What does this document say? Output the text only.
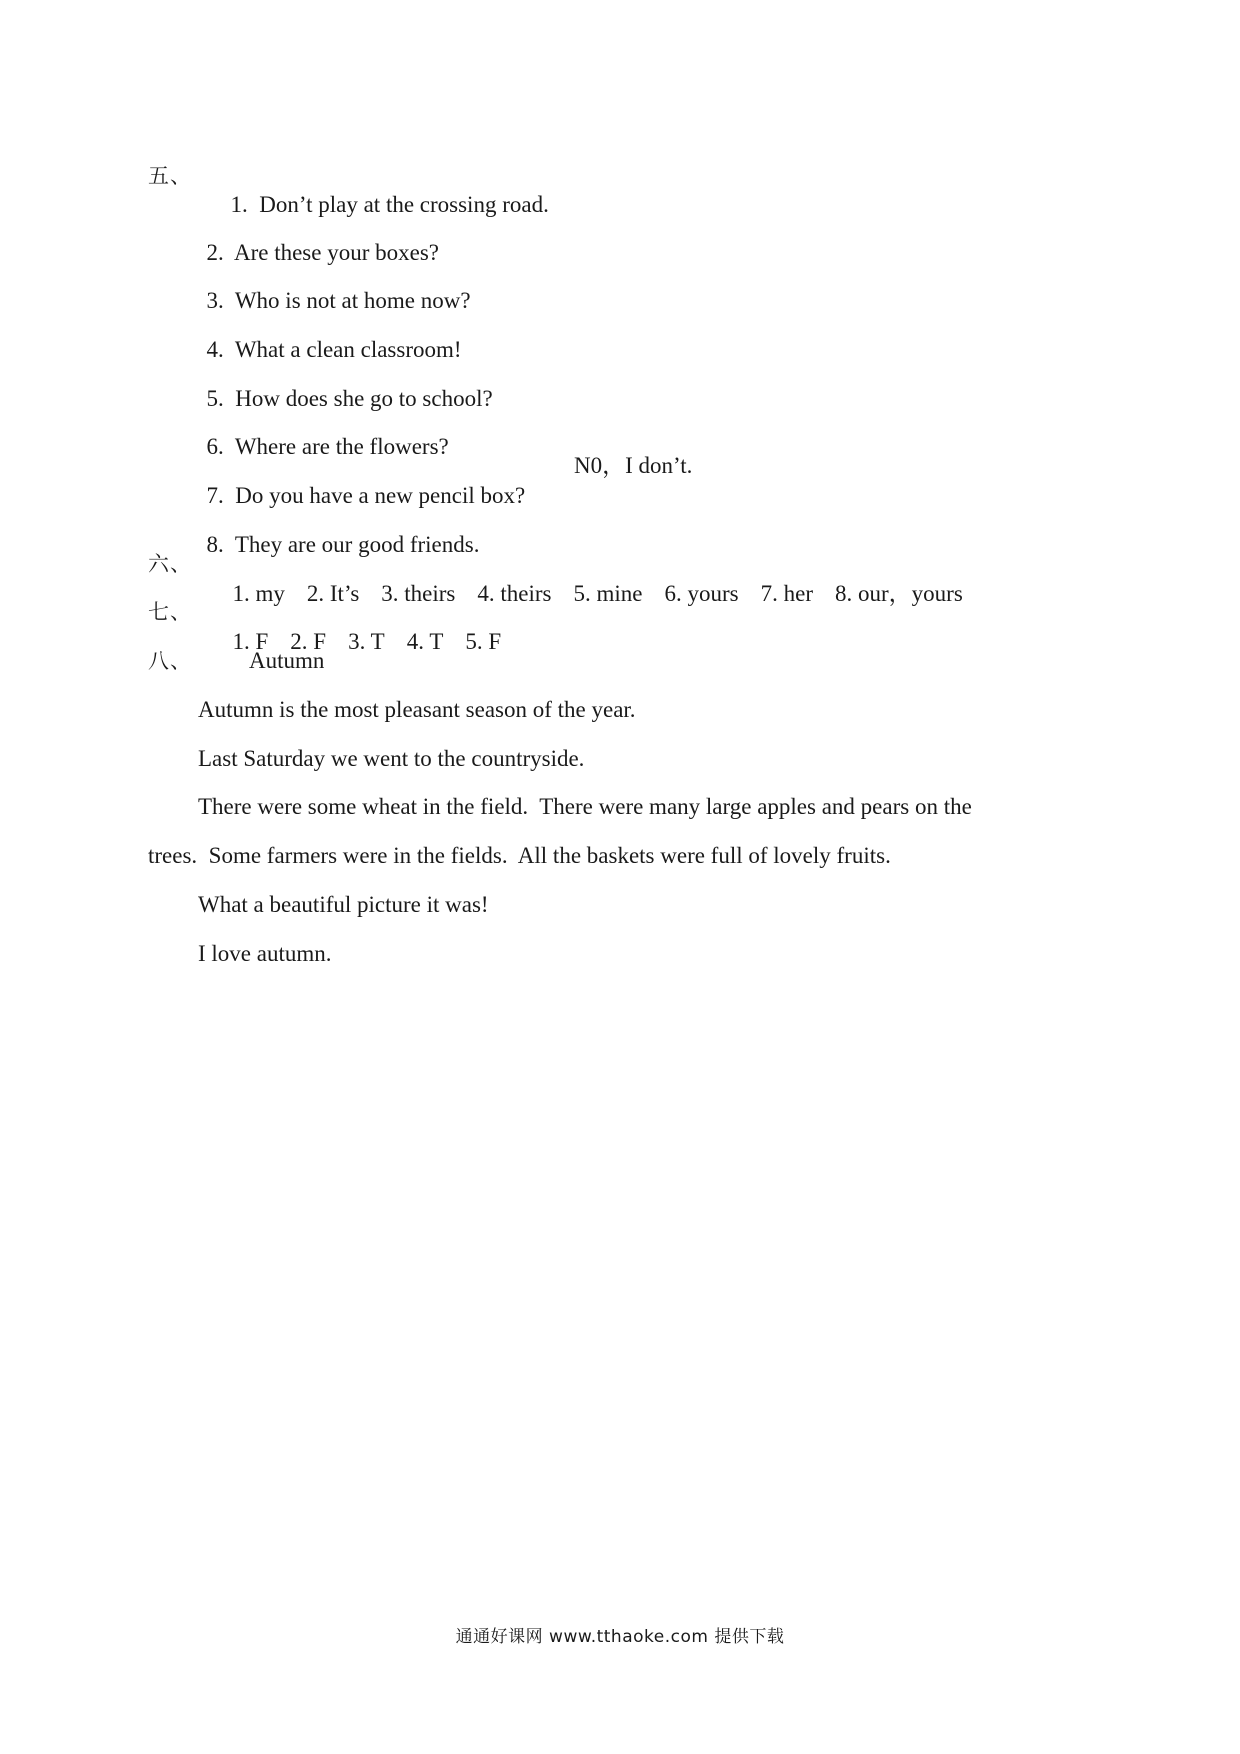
五、

1. Don’t play at the crossing road.

2. Are these your boxes?

3. Who is not at home now?

4. What a clean classroom!

5. How does she go to school?

6. Where are the flowers?

7. Do you have a new pencil box?

N0，I don’t.

8. They are our good friends.

六、

1. my 2. It’s 3. theirs 4. theirs 5. mine 6. yours 7. her 8. our，yours

七、

1. F 2. F 3. T 4. T 5. F

八、 Autumn
Autumn is the most pleasant season of the year.
Last Saturday we went to the countryside.
There were some wheat in the field.  There were many large apples and pears on the
trees.  Some farmers were in the fields.  All the baskets were full of lovely fruits.
What a beautiful picture it was!
I love autumn.
通通好课网 www.tthaoke.com 提供下载
